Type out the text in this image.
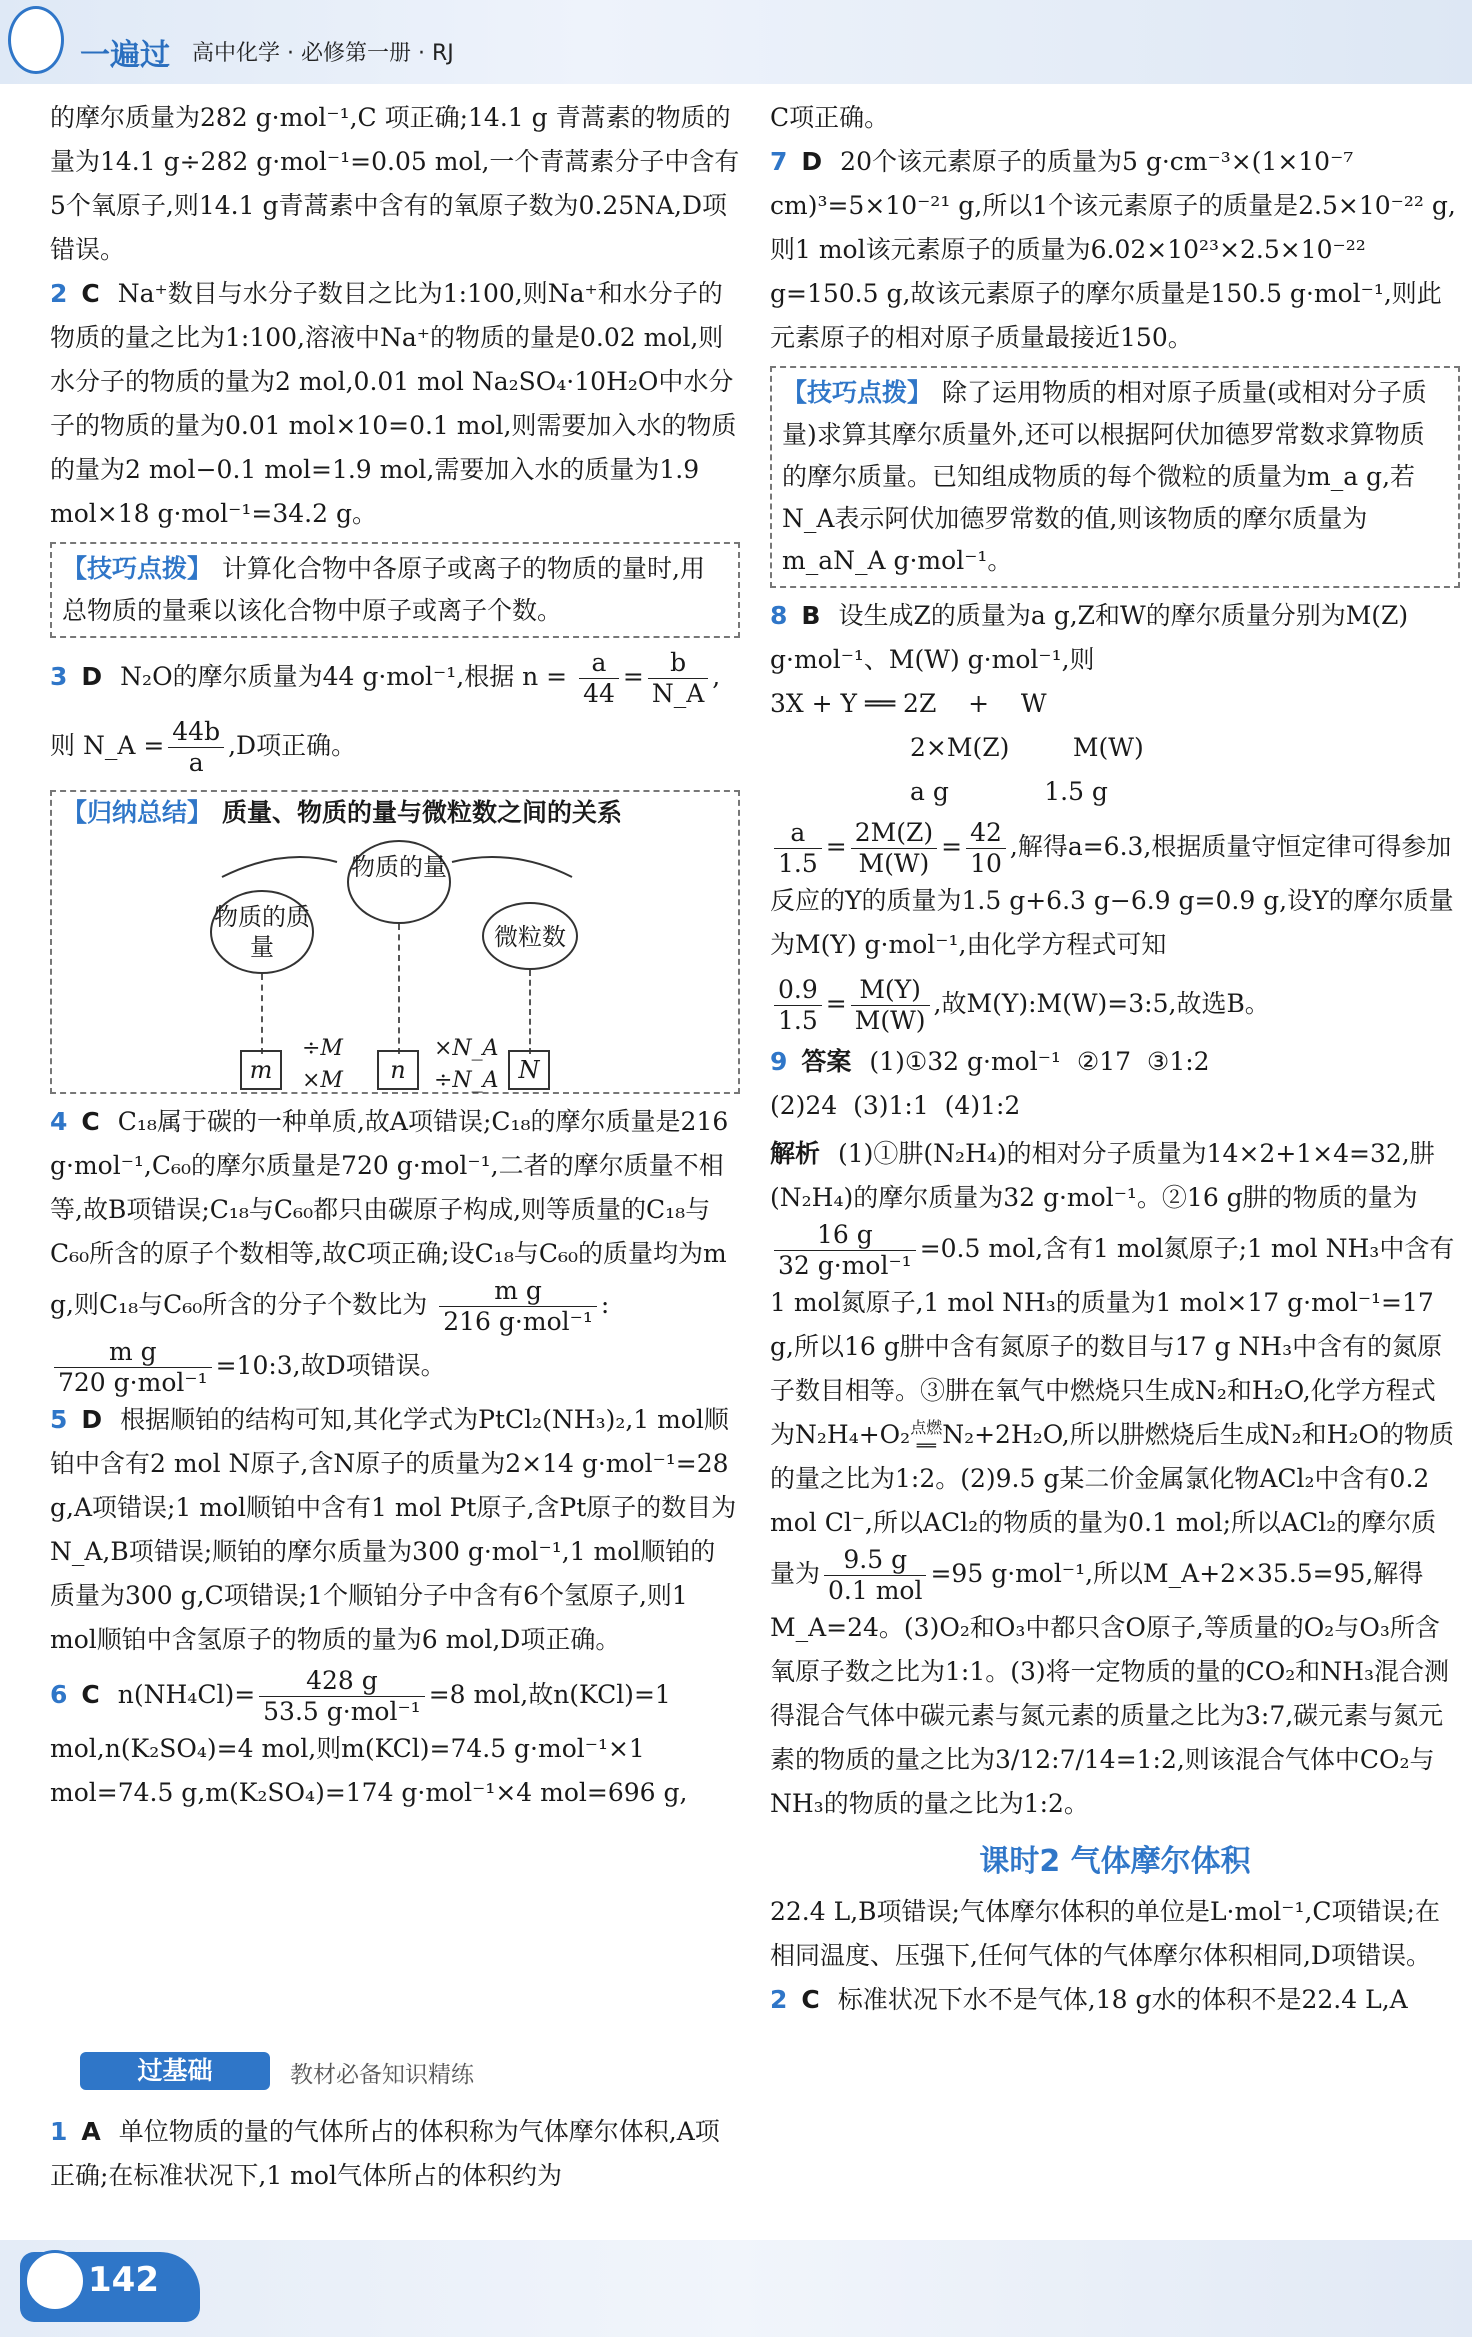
一遍过 高中化学 · 必修第一册 · RJ

的摩尔质量为282 g·mol⁻¹,C 项正确;14.1 g 青蒿素的物质的量为14.1 g÷282 g·mol⁻¹=0.05 mol,一个青蒿素分子中含有5个氧原子,则14.1 g青蒿素中含有的氧原子数为0.25NA,D项错误。

2 C Na⁺数目与水分子数目之比为1:100,则Na⁺和水分子的物质的量之比为1:100,溶液中Na⁺的物质的量是0.02 mol,则水分子的物质的量为2 mol,0.01 mol Na₂SO₄·10H₂O中水分子的物质的量为0.01 mol×10=0.1 mol,则需要加入水的物质的量为2 mol−0.1 mol=1.9 mol,需要加入水的质量为1.9 mol×18 g·mol⁻¹=34.2 g。

【技巧点拨】 计算化合物中各原子或离子的物质的量时,用总物质的量乘以该化合物中原子或离子个数。

3 D N₂O的摩尔质量为44 g·mol⁻¹,根据 $n = \frac{a}{44} = \frac{b}{N\_A}$ ,

则 N_A = $\frac{44b}{a} ,D$项正确。

【归纳总结】 质量、物质的量与微粒数之间的关系
物质的质量
物质的量
微粒数
m	n	N
÷M
×M
×N_A
÷N_A

4 C C₁₈属于碳的一种单质,故A项错误;C₁₈的摩尔质量是216 g·mol⁻¹,C₆₀的摩尔质量是720 g·mol⁻¹,二者的摩尔质量不相等,故B项错误;C₁₈与C₆₀都只由碳原子构成,则等质量的C₁₈与C₆₀所含的原子个数相等,故C项正确;设C₁₈与C₆₀的质量均为m g,则C₁₈与C₆₀所含的分子个数比为 $\frac{\text{m g}}{\text{216 g·mol⁻¹}}$ :
$\frac{\text{m g}}{\text{720 g·mol⁻¹}}$ =10:3,故D项错误。

5 D 根据顺铂的结构可知,其化学式为PtCl₂(NH₃)₂,1 mol顺铂中含有2 mol N原子,含N原子的质量为2×14 g·mol⁻¹=28 g,A项错误;1 mol顺铂中含有1 mol Pt原子,含Pt原子的数目为N_A,B项错误;顺铂的摩尔质量为300 g·mol⁻¹,1 mol顺铂的质量为300 g,C项错误;1个顺铂分子中含有6个氢原子,则1 mol顺铂中含氢原子的物质的量为6 mol,D项正确。

6 C $n(NH_4Cl)= \frac{428 g}{\text{53.5 g·mol⁻¹}} =8$ mol,故n(KCl)=1 mol,n(K₂SO₄)=4 mol,则m(KCl)=74.5 g·mol⁻¹×1 mol=74.5 g,m(K₂SO₄)=174 g·mol⁻¹×4 mol=696 g,

过基础	教材必备知识精练

1 A 单位物质的量的气体所占的体积称为气体摩尔体积,A项正确;在标准状况下,1 mol气体所占的体积约为

C项正确。

7 D 20个该元素原子的质量为5 g·cm⁻³×(1×10⁻⁷ cm)³=5×10⁻²¹ g,所以1个该元素原子的质量是2.5×10⁻²² g,则1 mol该元素原子的质量为6.02×10²³×2.5×10⁻²² g=150.5 g,故该元素原子的摩尔质量是150.5 g·mol⁻¹,则此元素原子的相对原子质量最接近150。

【技巧点拨】 除了运用物质的相对原子质量(或相对分子质量)求算其摩尔质量外,还可以根据阿伏加德罗常数求算物质的摩尔质量。已知组成物质的每个微粒的质量为m_a g,若N_A表示阿伏加德罗常数的值,则该物质的摩尔质量为m_aN_A g·mol⁻¹。

8 B 设生成Z的质量为a g,Z和W的摩尔质量分别为M(Z) g·mol⁻¹、M(W) g·mol⁻¹,则

3X + Y ══ 2Z    +    W

2×M(Z)        M(W)

a g            1.5 g

$\frac{a}{1.5} = \frac{2M(Z)}{M(W)} = \frac{42}{10}$ ,解得a=6.3,根据质量守恒定律可得参加反应的Y的质量为1.5 g+6.3 g−6.9 g=0.9 g,设Y的摩尔质量为M(Y) g·mol⁻¹,由化学方程式可知

$\frac{0.9}{1.5} = \frac{M(Y)}{M(W)}$ ,故M(Y):M(W)=3:5,故选B。

9 答案 (1)①32 g·mol⁻¹  ②17  ③1:2

(2)24  (3)1:1  (4)1:2

解析 (1)①肼(N₂H₄)的相对分子质量为14×2+1×4=32,肼(N₂H₄)的摩尔质量为32 g·mol⁻¹。②16 g肼的物质的量为
$\frac{16 g}{\text{32 g·mol⁻¹}} =0.5$ mol,含有1 mol氮原子;1 mol NH₃中含有1 mol氮原子,1 mol NH₃的质量为1 mol×17 g·mol⁻¹=17 g,所以16 g肼中含有氮原子的数目与17 g NH₃中含有的氮原子数目相等。③肼在氧气中燃烧只生成N₂和H₂O,化学方程式为N₂H₄+O₂点燃
══ N₂+2H₂O,所以肼燃烧后生成N₂和H₂O的物质的量之比为1:2。(2)9.5 g某二价金属氯化物ACl₂中含有0.2 mol Cl⁻,所以ACl₂的物质的量为0.1 mol;所以ACl₂的摩尔质量为 $\frac{9.5 g}{\text{0.1 mol}} =95$ g·mol⁻¹,所以M_A+2×35.5=95,解得M_A=24。(3)O₂和O₃中都只含O原子,等质量的O₂与O₃所含氧原子数之比为1:1。(3)将一定物质的量的CO₂和NH₃混合测得混合气体中碳元素与氮元素的质量之比为3:7,碳元素与氮元素的物质的量之比为3/12:7/14=1:2,则该混合气体中CO₂与NH₃的物质的量之比为1:2。

课时2 气体摩尔体积

22.4 L,B项错误;气体摩尔体积的单位是L·mol⁻¹,C项错误;在相同温度、压强下,任何气体的气体摩尔体积相同,D项错误。

2 C 标准状况下水不是气体,18 g水的体积不是22.4 L,A

142
